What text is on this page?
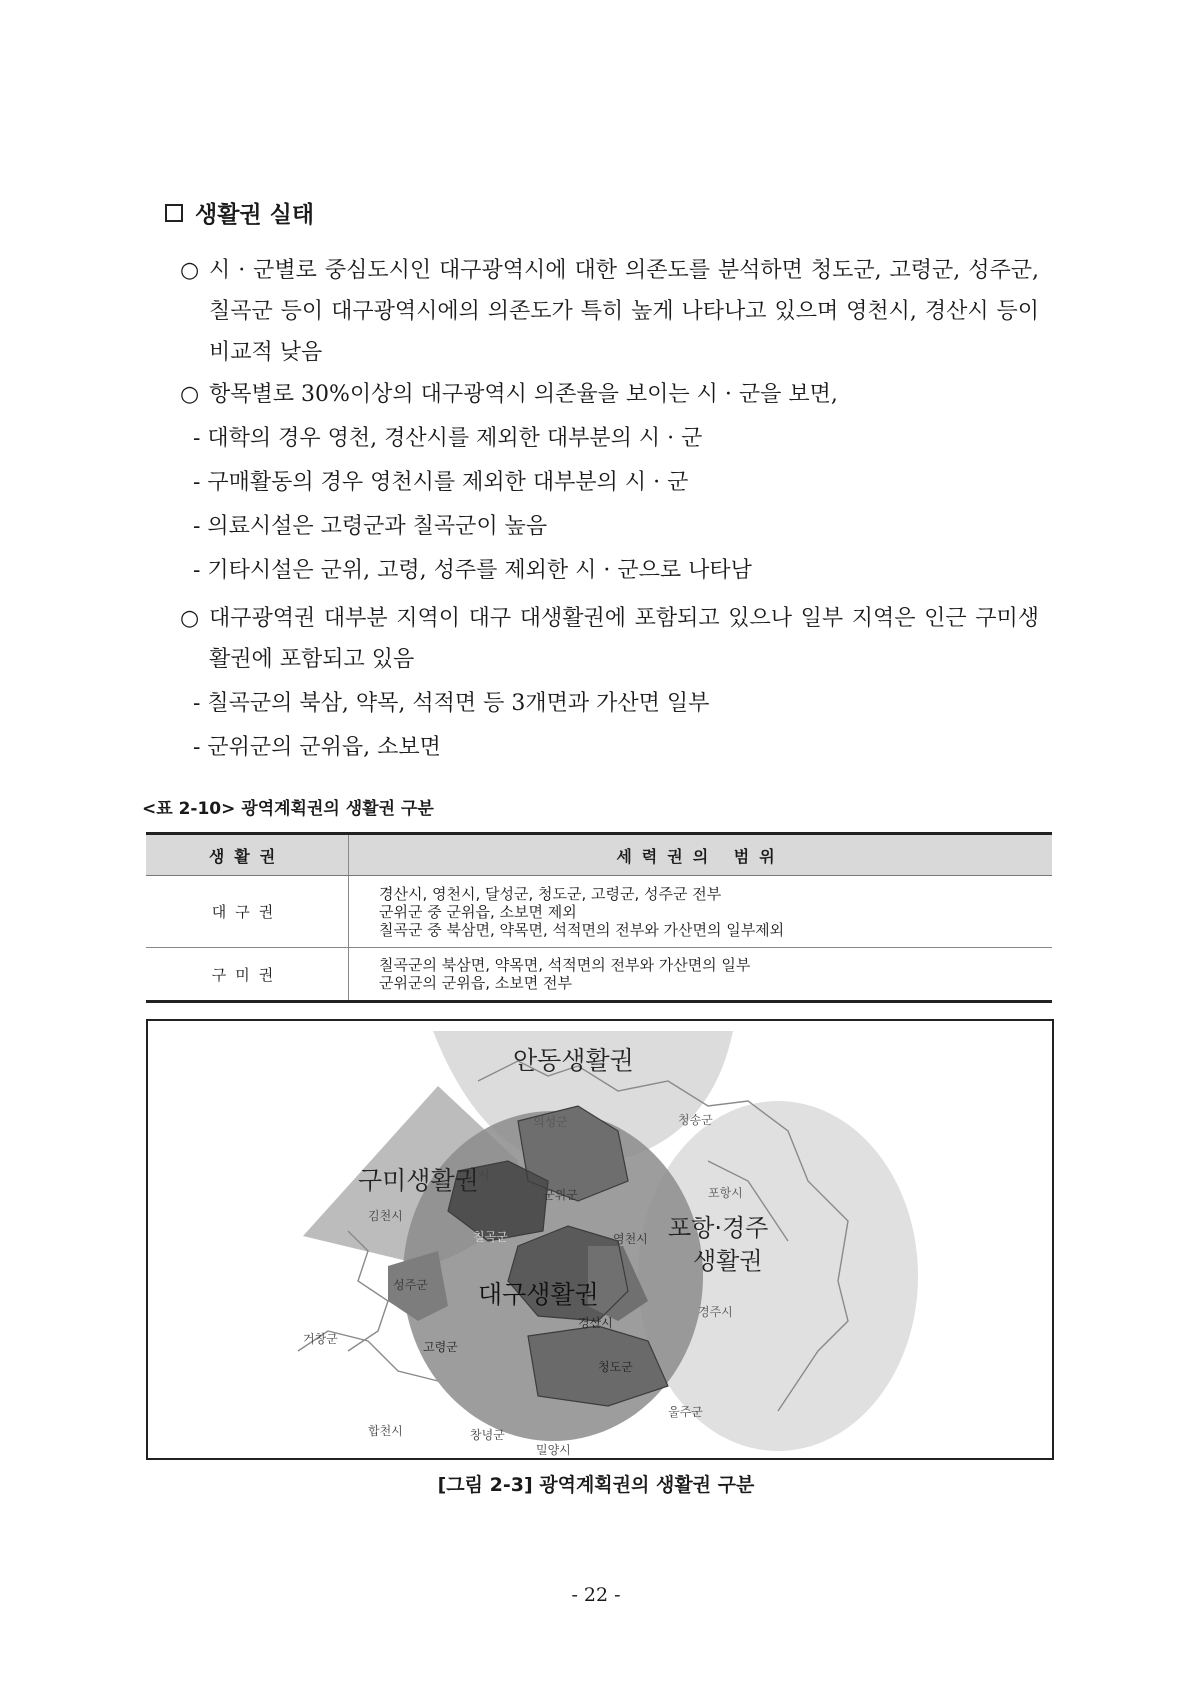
생활권 실태
○ 시 · 군별로 중심도시인 대구광역시에 대한 의존도를 분석하면 청도군, 고령군, 성주군, 칠곡군 등이 대구광역시에의 의존도가 특히 높게 나타나고 있으며 영천시, 경산시 등이 비교적 낮음
○ 항목별로 30%이상의 대구광역시 의존율을 보이는 시 · 군을 보면,
- 대학의 경우 영천, 경산시를 제외한 대부분의 시 · 군
- 구매활동의 경우 영천시를 제외한 대부분의 시 · 군
- 의료시설은 고령군과 칠곡군이 높음
- 기타시설은 군위, 고령, 성주를 제외한 시 · 군으로 나타남
○ 대구광역권 대부분 지역이 대구 대생활권에 포함되고 있으나 일부 지역은 인근 구미생활권에 포함되고 있음
- 칠곡군의 북삼, 약목, 석적면 등 3개면과 가산면 일부
- 군위군의 군위읍, 소보면
<표 2-10> 광역계획권의 생활권 구분
생활권	세력권의 범위
대구권	경산시, 영천시, 달성군, 청도군, 고령군, 성주군 전부
군위군 중 군위읍, 소보면 제외
칠곡군 중 북삼면, 약목면, 석적면의 전부와 가산면의 일부제외

구미권	칠곡군의 북삼면, 약목면, 석적면의 전부와 가산면의 일부
군위군의 군위읍, 소보면 전부
안동생활권
구미생활권
포항·경주
생활권
대구생활권
의성군	청송군
군위군
시
김천시
칠곡군	영천시
포항시
성주군
경산시
경주시
거창군
고령군
청도군
울주군
합천시	창녕군
밀양시
[그림 2-3] 광역계획권의 생활권 구분
- 22 -
